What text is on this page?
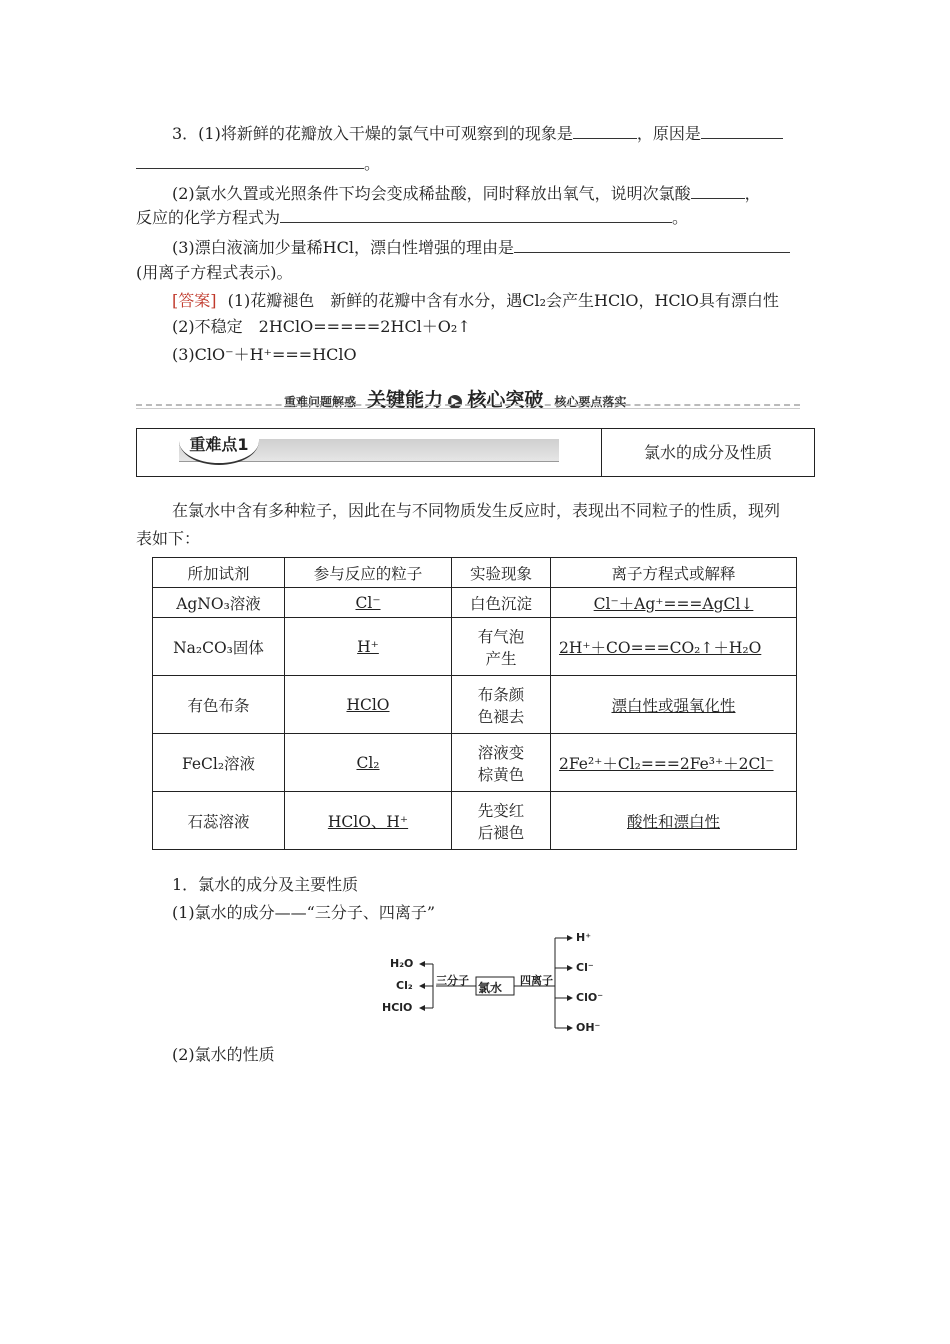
3．(1)将新鲜的花瓣放入干燥的氯气中可观察到的现象是	，原因是
。
(2)氯水久置或光照条件下均会变成稀盐酸，同时释放出氧气，说明次氯酸	，
反应的化学方程式为	。
(3)漂白液滴加少量稀HCl，漂白性增强的理由是
(用离子方程式表示)。
[答案] (1)花瓣褪色　新鲜的花瓣中含有水分，遇Cl₂会产生HClO，HClO具有漂白性
(2)不稳定　2HClO=====2HCl＋O₂↑
(3)ClO⁻＋H⁺===HClO
重难问题解惑 关键能力 ▶ 核心突破 核心要点落实
重难点1	氯水的成分及性质
在氯水中含有多种粒子，因此在与不同物质发生反应时，表现出不同粒子的性质，现列
表如下：
所加试剂	参与反应的粒子	实验现象	离子方程式或解释
AgNO₃溶液	Cl⁻	白色沉淀	Cl⁻＋Ag⁺===AgCl↓
Na₂CO₃固体	H⁺	有气泡
产生	2H⁺＋CO===CO₂↑＋H₂O
有色布条	HClO	布条颜
色褪去	漂白性或强氧化性
FeCl₂溶液	Cl₂	溶液变
棕黄色	2Fe²⁺＋Cl₂===2Fe³⁺＋2Cl⁻
石蕊溶液	HClO、H⁺	先变红
后褪色	酸性和漂白性
1．氯水的成分及主要性质
(1)氯水的成分——“三分子、四离子”
氯水
三分子	四离子
H₂O
Cl₂
HClO
H⁺
Cl⁻
ClO⁻
OH⁻
(2)氯水的性质
